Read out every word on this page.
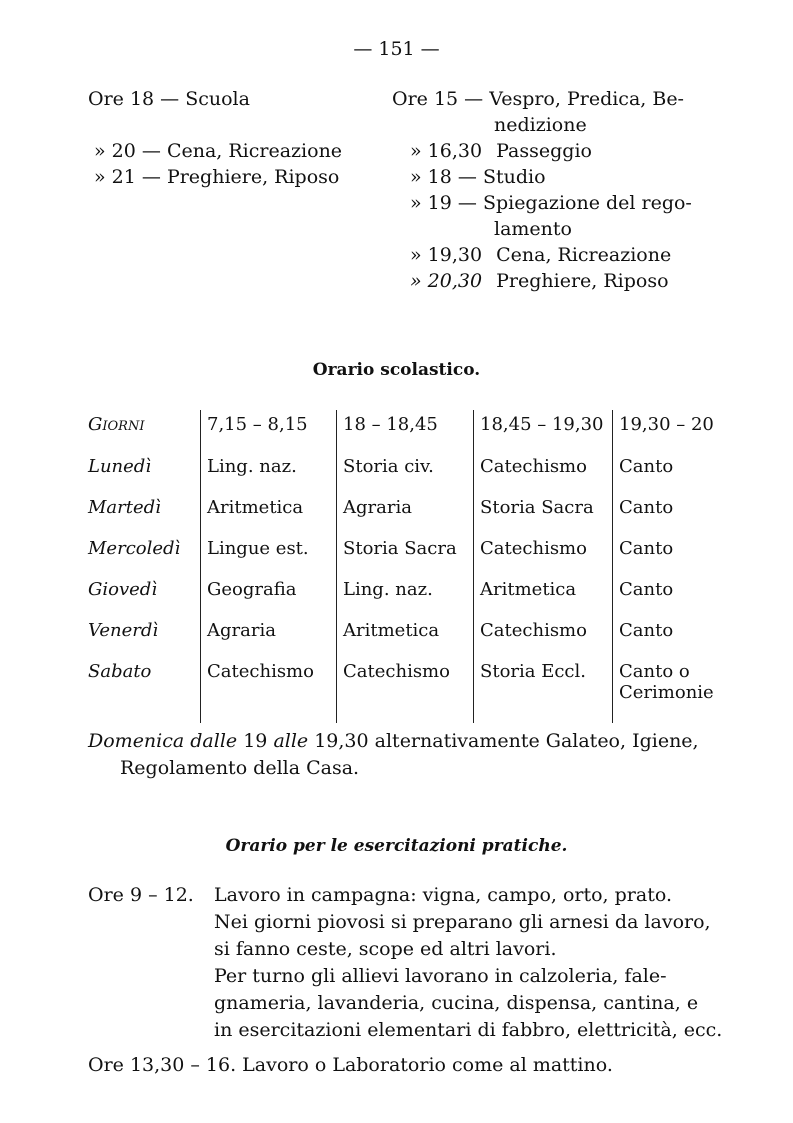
— 151 —
Ore 18 — Scuola
» 20 — Cena, Ricreazione
» 21 — Preghiere, Riposo
Ore 15 — Vespro, Predica, Be-
nedizione
» 16,30 Passeggio
» 18 — Studio
» 19 — Spiegazione del rego-
lamento
» 19,30 Cena, Ricreazione
» 20,30 Preghiere, Riposo
Orario scolastico.
Giorni	7,15 – 8,15	18 – 18,45	18,45 – 19,30	19,30 – 20
Lunedì	Ling. naz.	Storia civ.	Catechismo	Canto
Martedì	Aritmetica	Agraria	Storia Sacra	Canto
Mercoledì	Lingue est.	Storia Sacra	Catechismo	Canto
Giovedì	Geografia	Ling. naz.	Aritmetica	Canto
Venerdì	Agraria	Aritmetica	Catechismo	Canto
Sabato	Catechismo	Catechismo	Storia Eccl.	Canto o
Cerimonie
Domenica dalle 19 alle 19,30 alternativamente Galateo, Igiene,
Regolamento della Casa.
Orario per le esercitazioni pratiche.
Ore 9 – 12. Lavoro in campagna: vigna, campo, orto, prato.
Nei giorni piovosi si preparano gli arnesi da lavoro,
si fanno ceste, scope ed altri lavori.
Per turno gli allievi lavorano in calzoleria, fale-
gnameria, lavanderia, cucina, dispensa, cantina, e
in esercitazioni elementari di fabbro, elettricità, ecc.
Ore 13,30 – 16. Lavoro o Laboratorio come al mattino.
